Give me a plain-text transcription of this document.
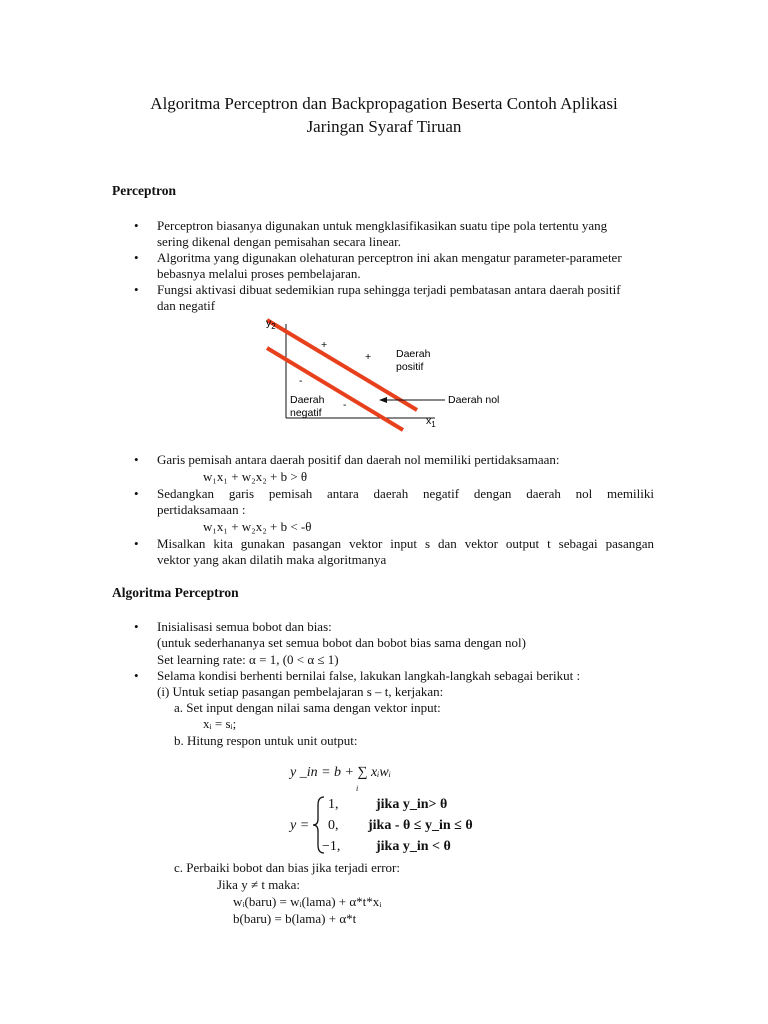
Algoritma Perceptron dan Backpropagation Beserta Contoh Aplikasi
Jaringan Syaraf Tiruan
Perceptron
• Perceptron biasanya digunakan untuk mengklasifikasikan suatu tipe pola tertentu yang
sering dikenal dengan pemisahan secara linear.
• Algoritma yang digunakan olehaturan perceptron ini akan mengatur parameter-parameter
bebasnya melalui proses pembelajaran.
• Fungsi aktivasi dibuat sedemikian rupa sehingga terjadi pembatasan antara daerah positif
dan negatif
$y_2$
$x_1$
+
+
-
-
Daerah
positif
Daerah
negatif
Daerah nol
• Garis pemisah antara daerah positif dan daerah nol memiliki pertidaksamaan:
w₁x₁ + w₂x₂ + b > θ
• Sedangkan garis pemisah antara daerah negatif dengan daerah nol memiliki
pertidaksamaan :
w₁x₁ + w₂x₂ + b < -θ
• Misalkan kita gunakan pasangan vektor input s dan vektor output t sebagai pasangan
vektor yang akan dilatih maka algoritmanya
Algoritma Perceptron
• Inisialisasi semua bobot dan bias:
(untuk sederhananya set semua bobot dan bobot bias sama dengan nol)
Set learning rate: α = 1, (0 < α ≤ 1)
• Selama kondisi berhenti bernilai false, lakukan langkah-langkah sebagai berikut :
(i) Untuk setiap pasangan pembelajaran s – t, kerjakan:
a. Set input dengan nilai sama dengan vektor input:
xᵢ = sᵢ;
b. Hitung respon untuk unit output:
y _in = b + ∑ xᵢwᵢ
i
y =
1,	jika y_in> θ
0, jika - θ ≤ y_in ≤ θ
−1,	jika y_in < θ
c. Perbaiki bobot dan bias jika terjadi error:
Jika y ≠ t maka:
wᵢ(baru) = wᵢ(lama) + α*t*xᵢ
b(baru) = b(lama) + α*t
